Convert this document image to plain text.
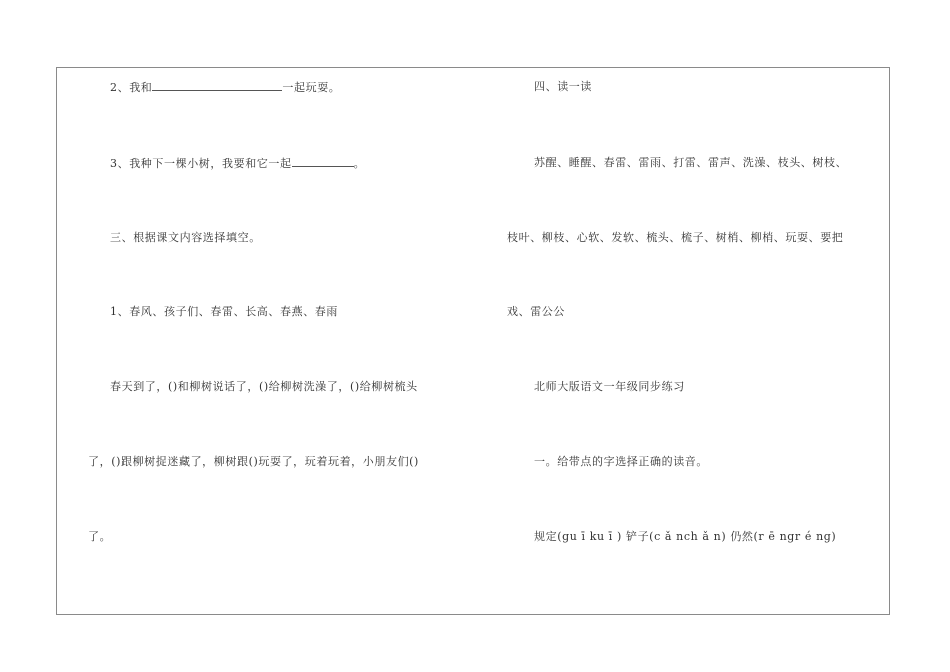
2、我和	一起玩耍。
3、我种下一棵小树，我要和它一起	。
三、根据课文内容选择填空。
1、春风、孩子们、春雷、长高、春燕、春雨
春天到了，()和柳树说话了，()给柳树洗澡了，()给柳树梳头
了，()跟柳树捉迷藏了，柳树跟()玩耍了，玩着玩着，小朋友们()
了。
四、读一读
苏醒、睡醒、春雷、雷雨、打雷、雷声、洗澡、枝头、树枝、
枝叶、柳枝、心软、发软、梳头、梳子、树梢、柳梢、玩耍、要把
戏、雷公公
北师大版语文一年级同步练习
一。给带点的字选择正确的读音。
规定(gu ī ku ī ) 铲子(c ǎ nch ǎ n) 仍然(r ē ngr é ng)
